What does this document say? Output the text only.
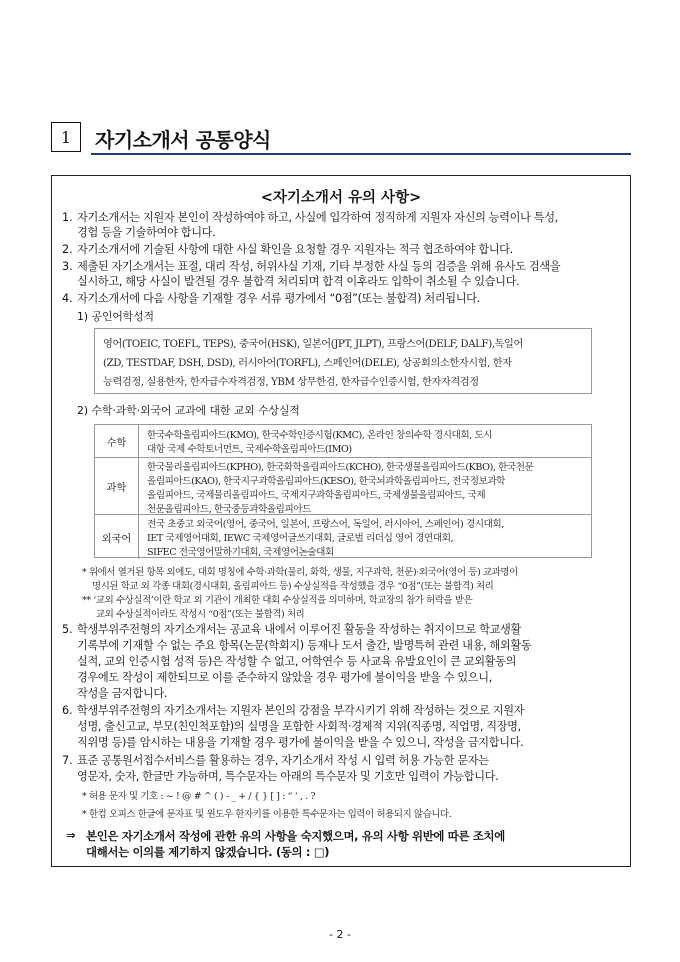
1	자기소개서 공통양식
<자기소개서 유의 사항>
1. 자기소개서는 지원자 본인이 작성하여야 하고, 사실에 입각하여 정직하게 지원자 자신의 능력이나 특성,
경험 등을 기술하여야 합니다.
2. 자기소개서에 기술된 사항에 대한 사실 확인을 요청할 경우 지원자는 적극 협조하여야 합니다.
3. 제출된 자기소개서는 표절, 대리 작성, 허위사실 기재, 기타 부정한 사실 등의 검증을 위해 유사도 검색을
실시하고, 해당 사실이 발견될 경우 불합격 처리되며 합격 이후라도 입학이 취소될 수 있습니다.
4. 자기소개서에 다음 사항을 기재할 경우 서류 평가에서 “0점”(또는 불합격) 처리됩니다.
1) 공인어학성적
영어(TOEIC, TOEFL, TEPS), 중국어(HSK), 일본어(JPT, JLPT), 프랑스어(DELF, DALF),독일어
(ZD, TESTDAF, DSH, DSD), 러시아어(TORFL), 스페인어(DELE), 상공회의소한자시험, 한자
능력검정, 실용한자, 한자급수자격검정, YBM 상무한검, 한자급수인증시험, 한자자격검정
2) 수학·과학·외국어 교과에 대한 교외 수상실적
수학
한국수학올림피아드(KMO), 한국수학인증시험(KMC), 온라인 창의수학 경시대회, 도시
대항 국제 수학토너먼트, 국제수학올림피아드(IMO)
과학
한국물리올림피아드(KPHO), 한국화학올림피아드(KCHO), 한국생물올림피아드(KBO), 한국천문
올림피아드(KAO), 한국지구과학올림피아드(KESO), 한국뇌과학올림피아드, 전국정보과학
올림피아드, 국제물리올림피아드, 국제지구과학올림피아드, 국제생물올림피아드, 국제
천문올림피아드, 한국중등과학올림피아드
외국어
전국 초중고 외국어(영어, 중국어, 일본어, 프랑스어, 독일어, 러시아어, 스페인어) 경시대회,
IET 국제영어대회, IEWC 국제영어글쓰기대회, 글로벌 리더십 영어 경연대회,
SIFEC 전국영어말하기대회, 국제영어논술대회
* 위에서 열거된 항목 외에도, 대회 명칭에 수학·과학(물리, 화학, 생물, 지구과학, 천문)·외국어(영어 등) 교과명이
명시된 학교 외 각종 대회(경시대회, 올림피아드 등) 수상실적을 작성했을 경우 “0점”(또는 불합격) 처리
** ‘교외 수상실적’이란 학교 외 기관이 개최한 대회 수상실적을 의미하며, 학교장의 참가 허락을 받은
교외 수상실적이라도 작성시 “0점”(또는 불합격) 처리
5. 학생부위주전형의 자기소개서는 공교육 내에서 이루어진 활동을 작성하는 취지이므로 학교생활
기록부에 기재할 수 없는 주요 항목(논문(학회지) 등재나 도서 출간, 발명특허 관련 내용, 해외활동
실적, 교외 인증시험 성적 등)은 작성할 수 없고, 어학연수 등 사교육 유발요인이 큰 교외활동의
경우에도 작성이 제한되므로 이를 준수하지 않았을 경우 평가에 불이익을 받을 수 있으니,
작성을 금지합니다.
6. 학생부위주전형의 자기소개서는 지원자 본인의 강점을 부각시키기 위해 작성하는 것으로 지원자
성명, 출신고교, 부모(친인척포함)의 실명을 포함한 사회적·경제적 지위(직종명, 직업명, 직장명,
직위명 등)를 암시하는 내용을 기재할 경우 평가에 불이익을 받을 수 있으니, 작성을 금지합니다.
7. 표준 공통원서접수서비스를 활용하는 경우, 자기소개서 작성 시 입력 허용 가능한 문자는
영문자, 숫자, 한글만 가능하며, 특수문자는 아래의 특수문자 및 기호만 입력이 가능합니다.
* 허용 문자 및 기호 : ~ ! @ # ^ ( ) - _ + / { } [ ] : “ ‘ , . ?
* 한컴 오피스 한글에 문자표 및 윈도우 한자키를 이용한 특수문자는 입력이 허용되지 않습니다.
⇒ 본인은 자기소개서 작성에 관한 유의 사항을 숙지했으며, 유의 사항 위반에 따른 조치에
대해서는 이의를 제기하지 않겠습니다. (동의 : □)
- 2 -
